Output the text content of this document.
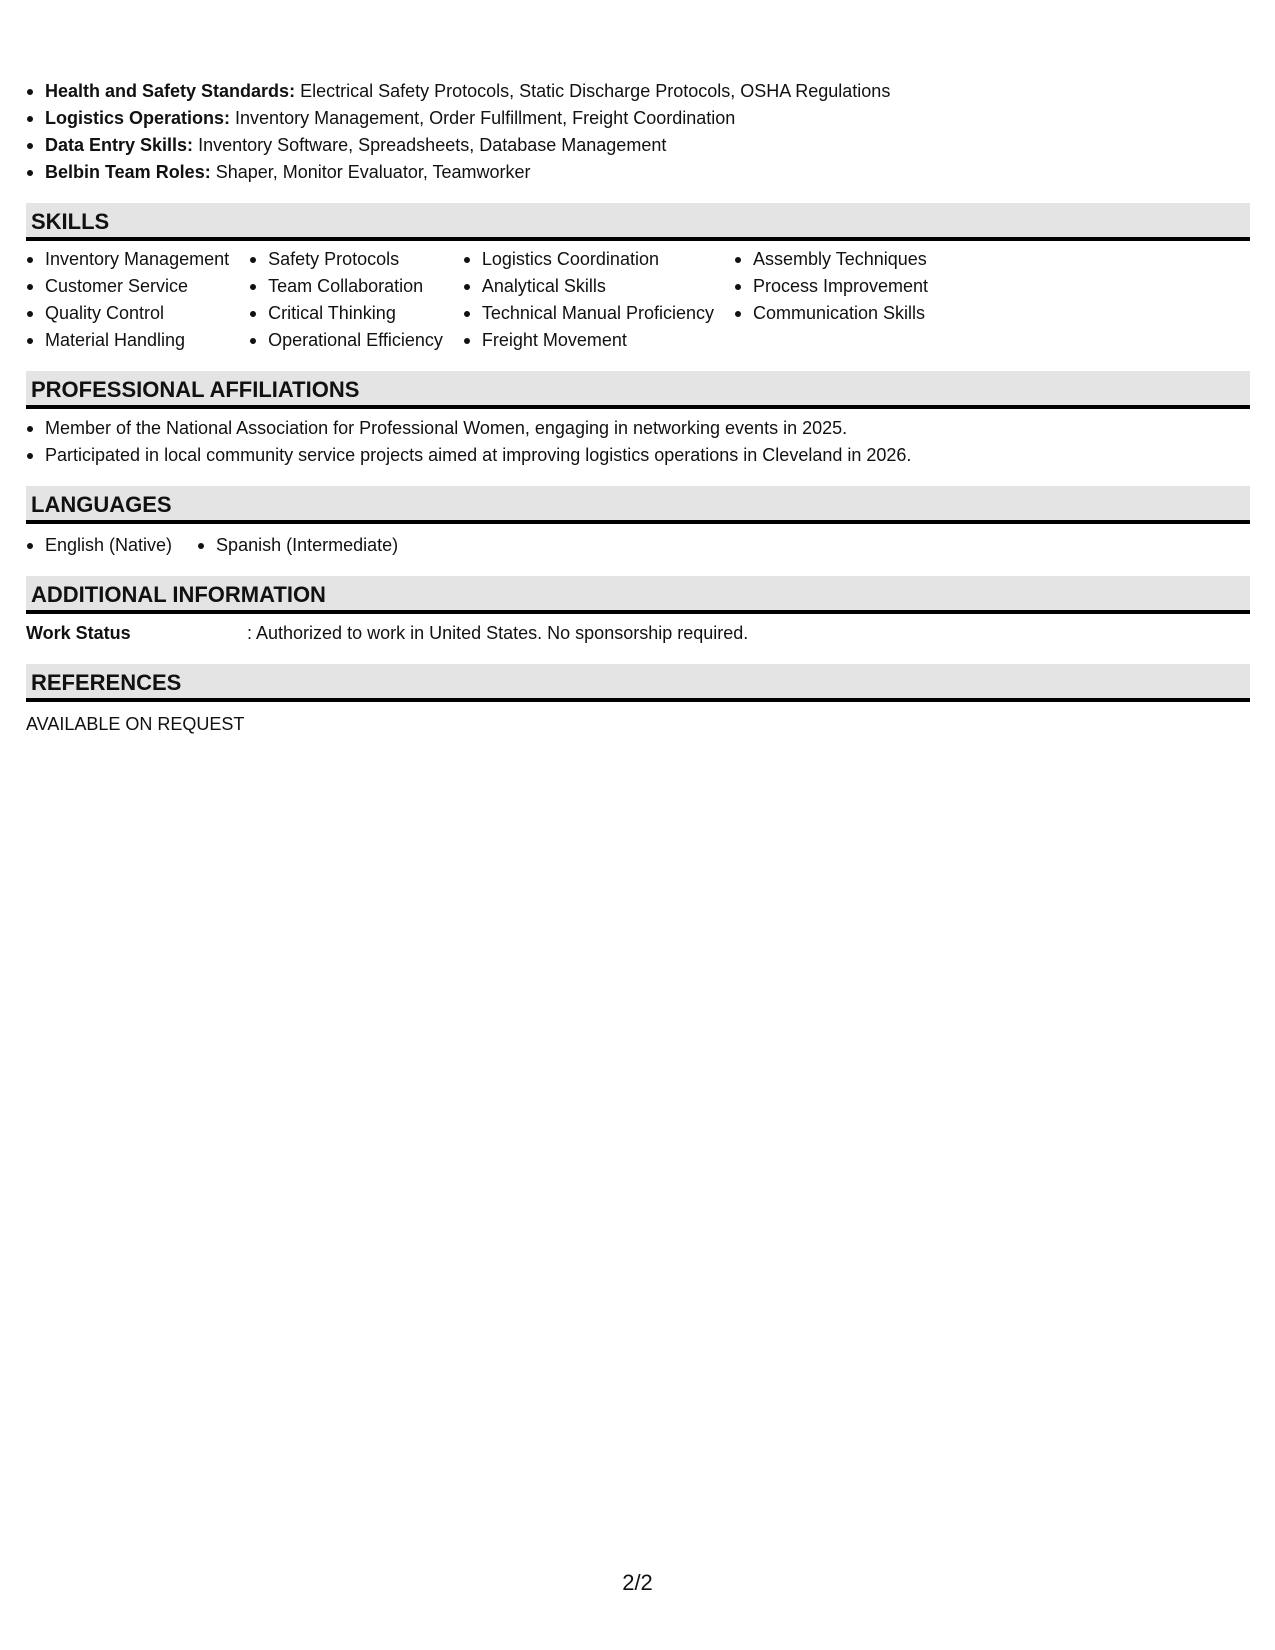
Health and Safety Standards: Electrical Safety Protocols, Static Discharge Protocols, OSHA Regulations
Logistics Operations: Inventory Management, Order Fulfillment, Freight Coordination
Data Entry Skills: Inventory Software, Spreadsheets, Database Management
Belbin Team Roles: Shaper, Monitor Evaluator, Teamworker
SKILLS
Inventory Management
Customer Service
Quality Control
Material Handling
Safety Protocols
Team Collaboration
Critical Thinking
Operational Efficiency
Logistics Coordination
Analytical Skills
Technical Manual Proficiency
Freight Movement
Assembly Techniques
Process Improvement
Communication Skills
PROFESSIONAL AFFILIATIONS
Member of the National Association for Professional Women, engaging in networking events in 2025.
Participated in local community service projects aimed at improving logistics operations in Cleveland in 2026.
LANGUAGES
English (Native)	Spanish (Intermediate)
ADDITIONAL INFORMATION
Work Status	: Authorized to work in United States. No sponsorship required.
REFERENCES
AVAILABLE ON REQUEST
2/2
